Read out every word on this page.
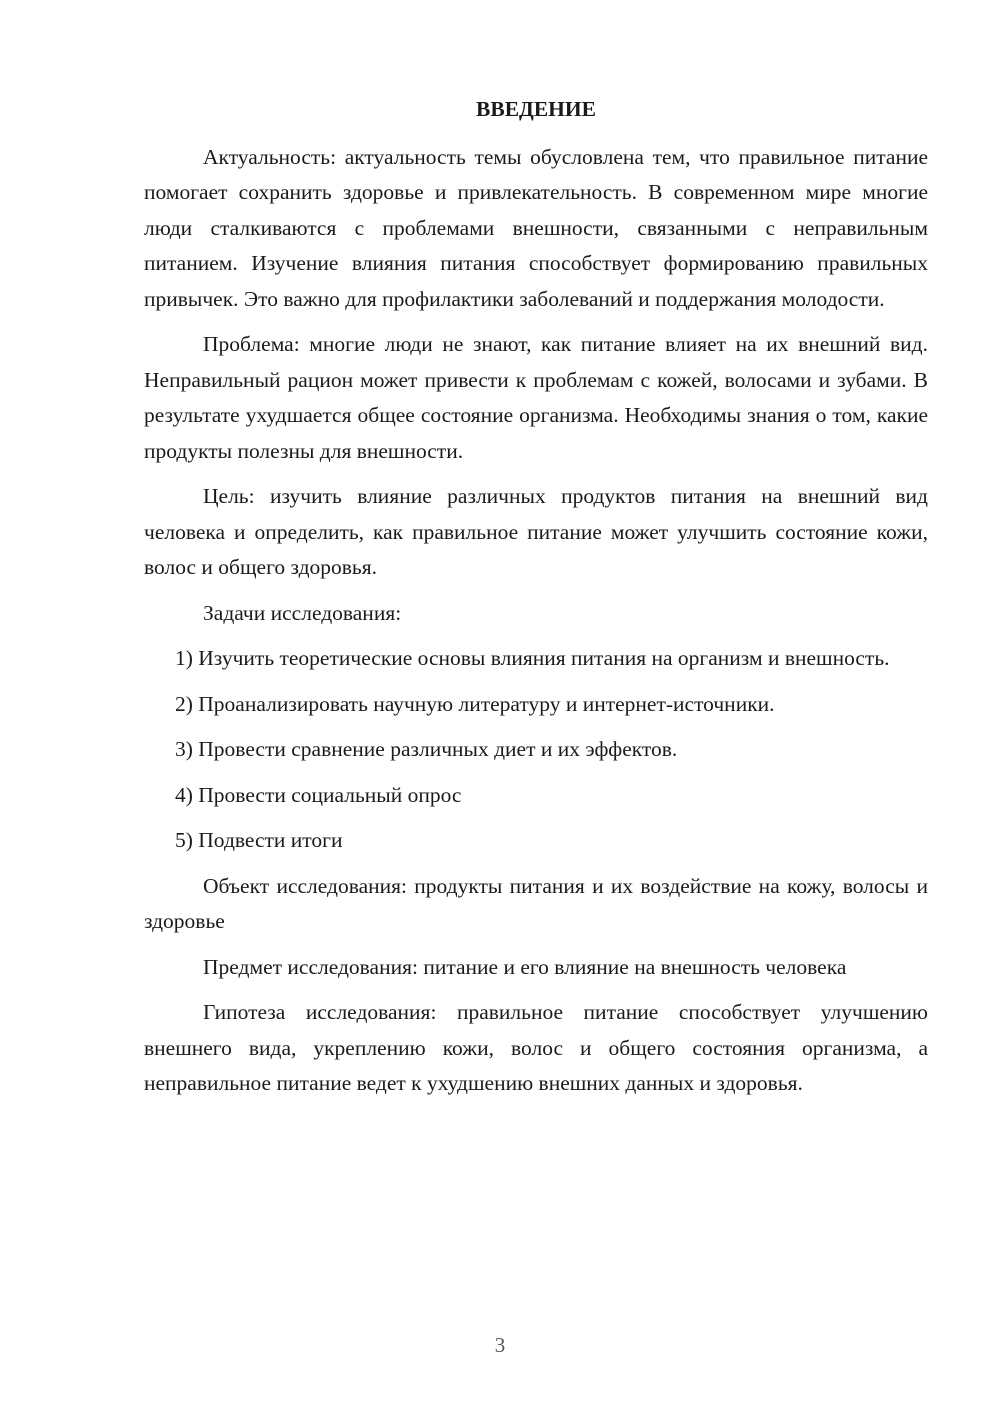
ВВЕДЕНИЕ

Актуальность: актуальность темы обусловлена тем, что правильное питание помогает сохранить здоровье и привлекательность. В современном мире многие люди сталкиваются с проблемами внешности, связанными с неправильным питанием. Изучение влияния питания способствует формированию правильных привычек. Это важно для профилактики заболеваний и поддержания молодости.

Проблема: многие люди не знают, как питание влияет на их внешний вид. Неправильный рацион может привести к проблемам с кожей, волосами и зубами. В результате ухудшается общее состояние организма. Необходимы знания о том, какие продукты полезны для внешности.

Цель: изучить влияние различных продуктов питания на внешний вид человека и определить, как правильное питание может улучшить состояние кожи, волос и общего здоровья.

Задачи исследования:

1) Изучить теоретические основы влияния питания на организм и внешность.

2) Проанализировать научную литературу и интернет-источники.

3) Провести сравнение различных диет и их эффектов.

4) Провести социальный опрос

5) Подвести итоги

Объект исследования: продукты питания и их воздействие на кожу, волосы и здоровье

Предмет исследования: питание и его влияние на внешность человека

Гипотеза исследования: правильное питание способствует улучшению внешнего вида, укреплению кожи, волос и общего состояния организма, а неправильное питание ведет к ухудшению внешних данных и здоровья.

3
